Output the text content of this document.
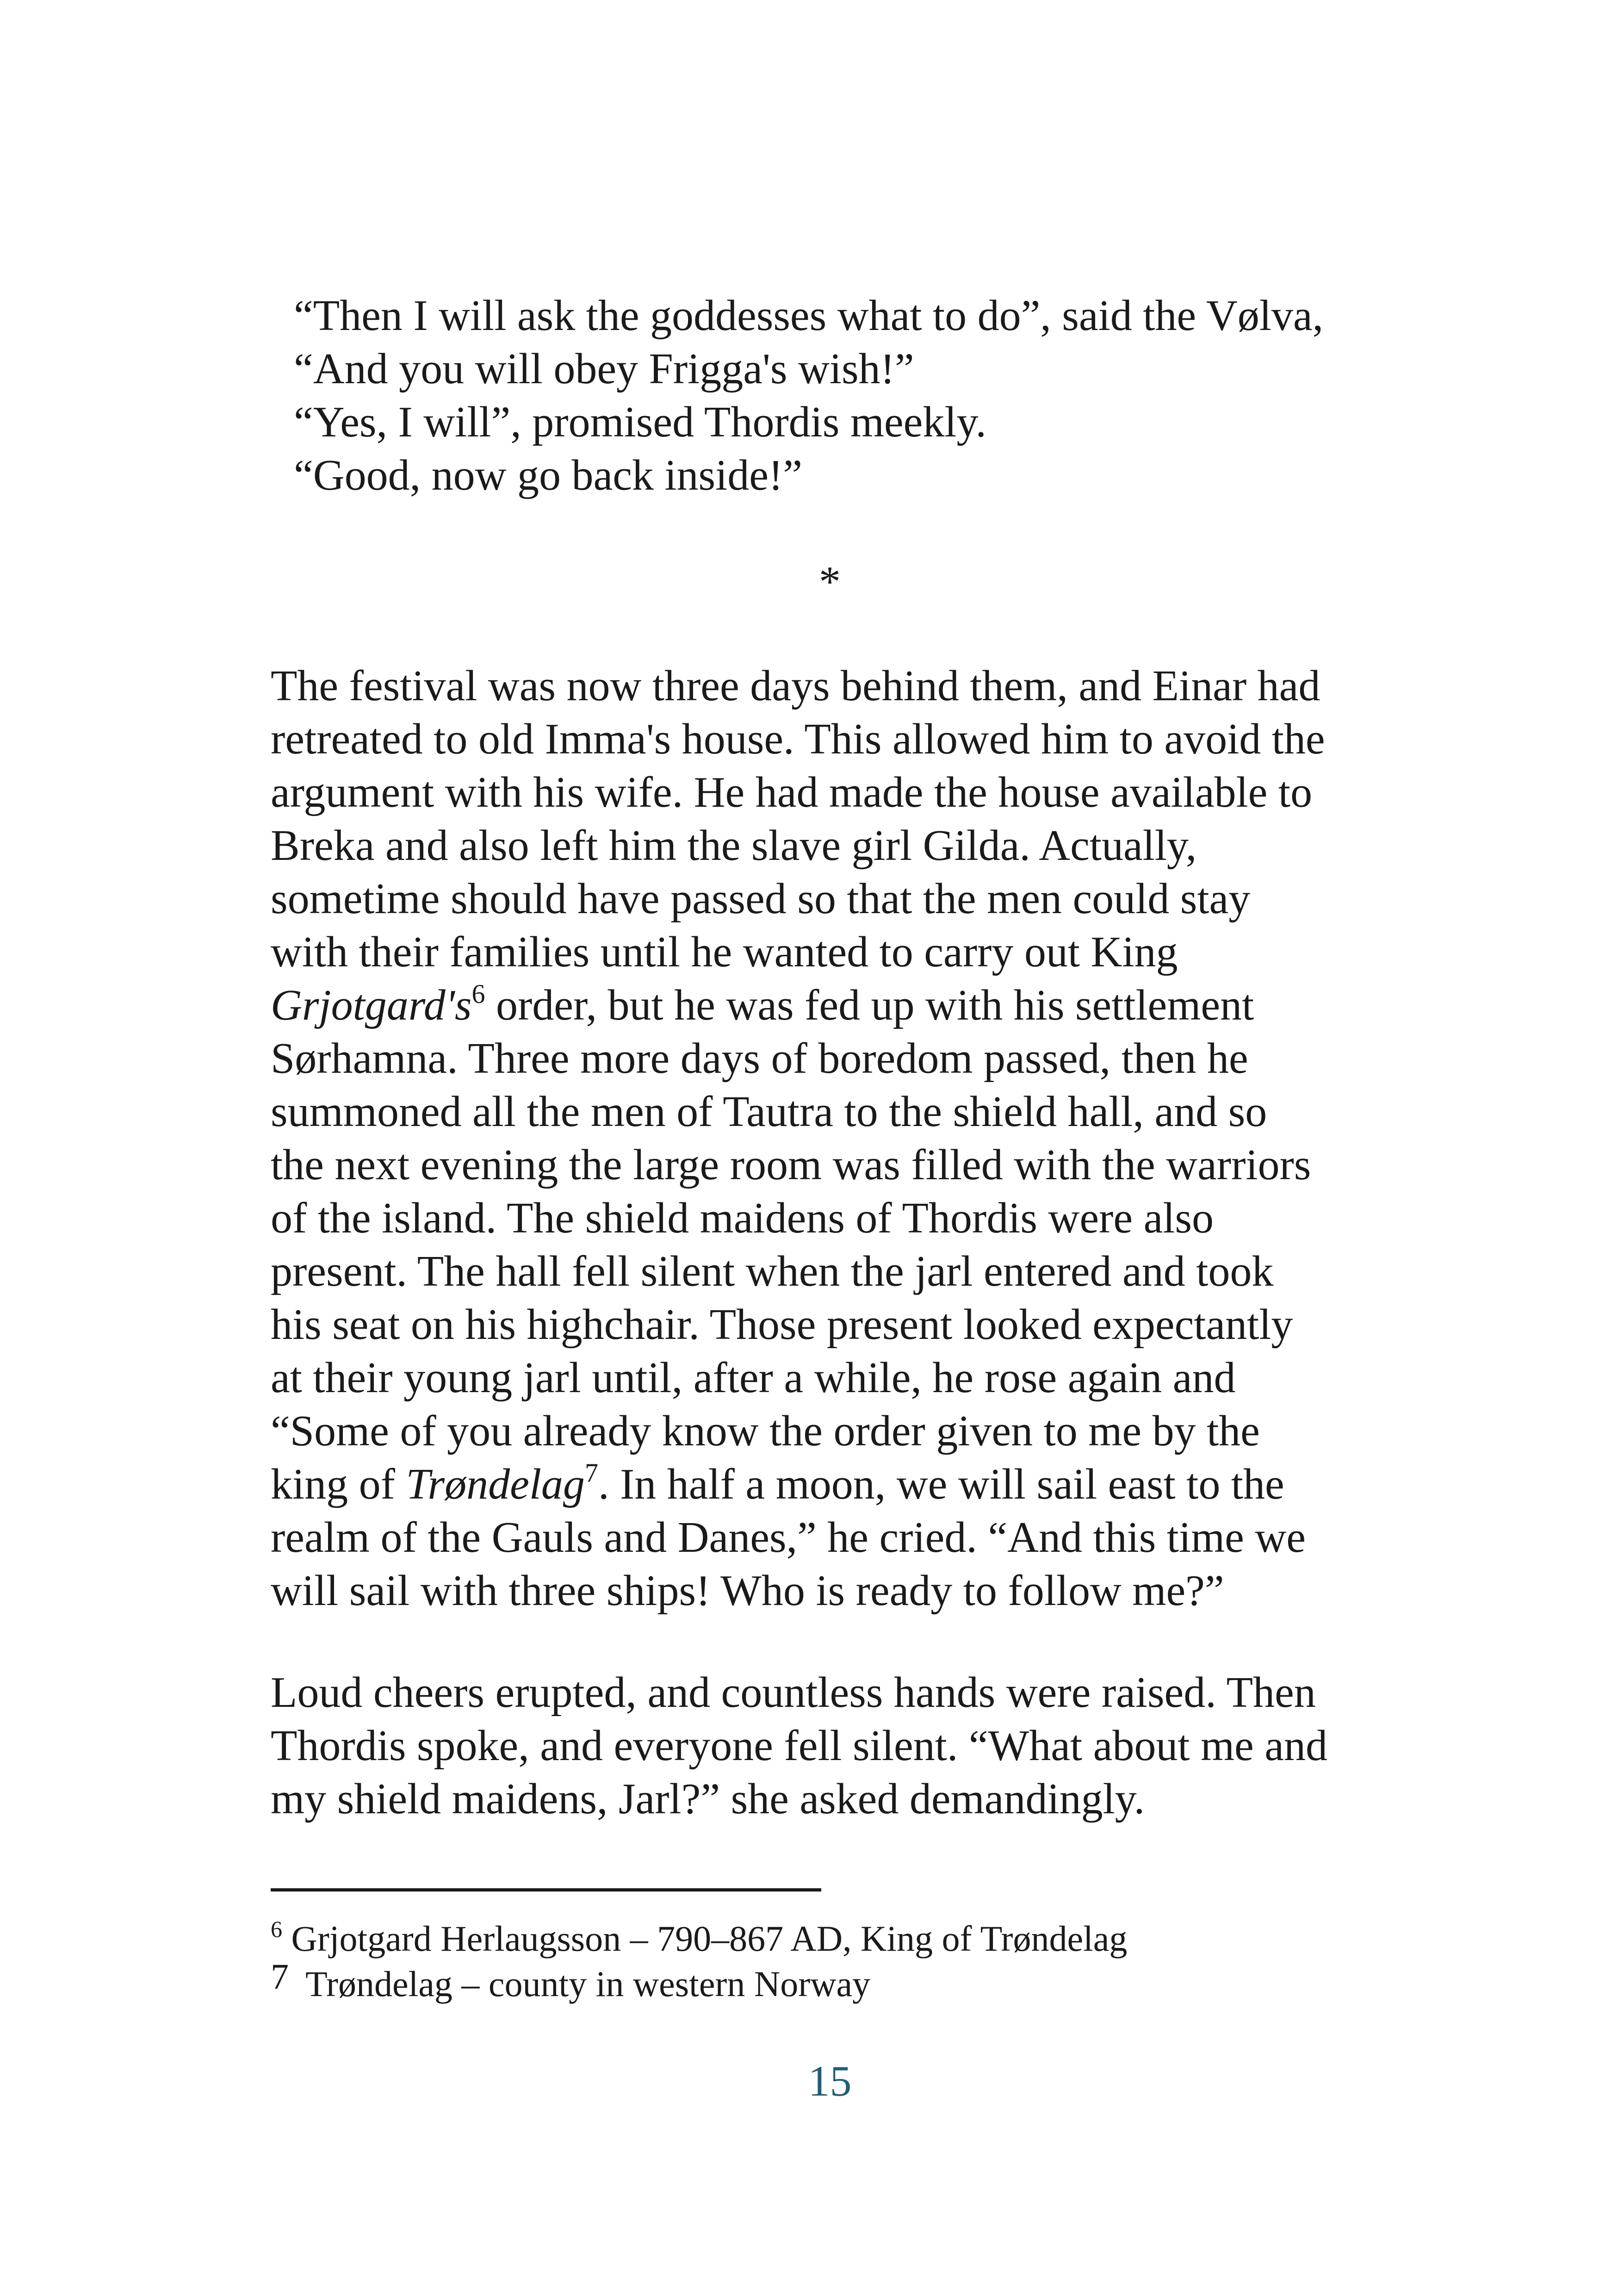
“Then I will ask the goddesses what to do”, said the Vølva,
“And you will obey Frigga's wish!”
“Yes, I will”, promised Thordis meekly.
“Good, now go back inside!”
*
The festival was now three days behind them, and Einar had
retreated to old Imma's house. This allowed him to avoid the
argument with his wife. He had made the house available to
Breka and also left him the slave girl Gilda. Actually,
sometime should have passed so that the men could stay
with their families until he wanted to carry out King
$Grjotgard's^6$ order, but he was fed up with his settlement
Sørhamna. Three more days of boredom passed, then he
summoned all the men of Tautra to the shield hall, and so
the next evening the large room was filled with the warriors
of the island. The shield maidens of Thordis were also
present. The hall fell silent when the jarl entered and took
his seat on his highchair. Those present looked expectantly
at their young jarl until, after a while, he rose again and
“Some of you already know the order given to me by the
king of Trøndelag$^7$. In half a moon, we will sail east to the
realm of the Gauls and Danes,” he cried. “And this time we
will sail with three ships! Who is ready to follow me?”
Loud cheers erupted, and countless hands were raised. Then
Thordis spoke, and everyone fell silent. “What about me and
my shield maidens, Jarl?” she asked demandingly.
$^6$ Grjotgard Herlaugsson – 790–867 AD, King of Trøndelag
$^7$ Trøndelag – county in western Norway
15
